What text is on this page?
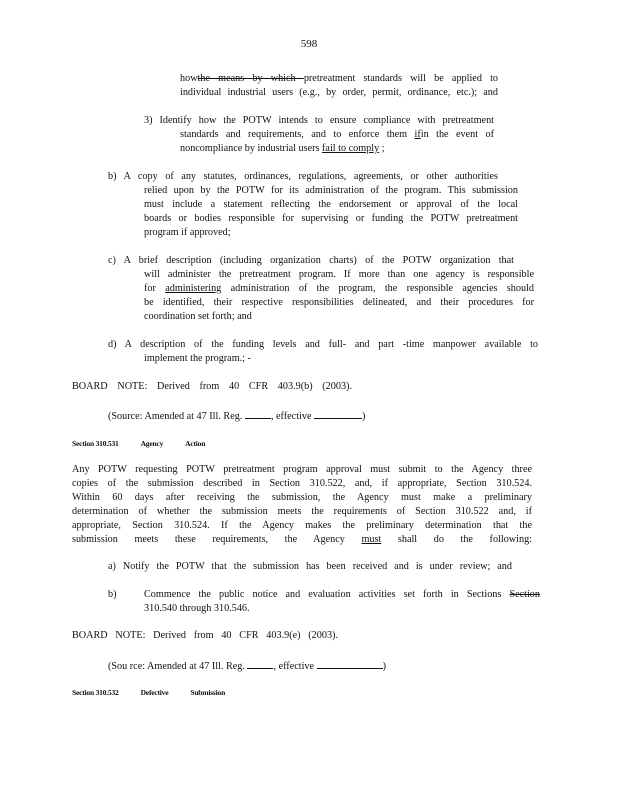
598
howthe means by which pretreatment standards will be applied to
individual industrial users (e.g., by order, permit, ordinance, etc.); and
3) Identify how the POTW intends to ensure compliance with pretreatment
standards and requirements, and to enforce them ifin the event of
noncompliance by industrial users fail to comply ;
b) A copy of any statutes, ordinances, regulations, agreements, or other authorities
relied upon by the POTW for its administration of the program. This submission
must include a statement reflecting the endorsement or approval of the local
boards or bodies responsible for supervising or funding the POTW pretreatment
program if approved;
c) A brief description (including organization charts) of the POTW organization that
will administer the pretreatment program. If more than one agency is responsible
for administering administration of the program, the responsible agencies should
be identified, their respective responsibilities delineated, and their procedures for
coordination set forth; and
d) A description of the funding levels and full- and part -time manpower available to
implement the program.; -
BOARD NOTE: Derived from 40 CFR 403.9(b) (2003).
(Source: Amended at 47 Ill. Reg.	, effective	)
Section 310.531	Agency	Action
Any POTW requesting POTW pretreatment program approval must submit to the Agency three
copies of the submission described in Section 310.522, and, if appropriate, Section 310.524.
Within 60 days after receiving the submission, the Agency must make a preliminary
determination of whether the submission meets the requirements of Section 310.522 and, if
appropriate, Section 310.524. If the Agency makes the preliminary determination that the
submission meets these requirements, the Agency must shall do the following:
a) Notify the POTW that the submission has been received and is under review; and
b)	Commence the public notice and evaluation activities set forth in Sections Section
310.540 through 310.546.
BOARD NOTE: Derived from 40 CFR 403.9(e) (2003).
(Sou rce: Amended at 47 Ill. Reg.	, effective	)
Section 310.532	Defective	Submission
